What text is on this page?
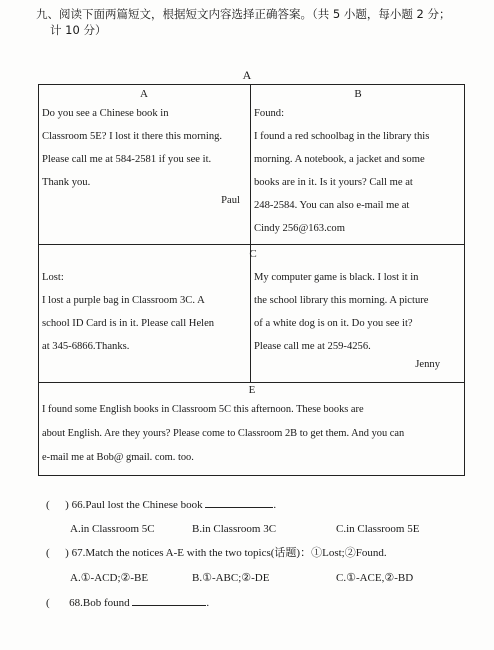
九、阅读下面两篇短文，根据短文内容选择正确答案。（共 5 小题，每小题 2 分；
计 10 分）
A
A
Do you see a Chinese book in
Classroom 5E? I lost it there this morning.
Please call me at 584-2581 if you see it.
Thank you.
Paul
B
Found:
I found a red schoolbag in the library this
morning. A notebook, a jacket and some
books are in it. Is it yours? Call me at
248-2584. You can also e-mail me at
Cindy 256@163.com
C
Lost:
I lost a purple bag in Classroom 3C. A
school ID Card is in it. Please call Helen
at 345-6866.Thanks.
My computer game is black. I lost it in
the school library this morning. A picture
of a white dog is on it. Do you see it?
Please call me at 259-4256.
Jenny
E
I found some English books in Classroom 5C this afternoon. These books are
about English. Are they yours? Please come to Classroom 2B to get them. And you can
e-mail me at Bob@ gmail. com. too.
( ) 66.Paul lost the Chinese book	.
A.in Classroom 5C	B.in Classroom 3C	C.in Classroom 5E
( ) 67.Match the notices A-E with the two topics(话题)：①Lost;②Found.
A.①-ACD;②-BE	B.①-ABC;②-DE	C.①-ACE,②-BD
( 68.Bob found	.
